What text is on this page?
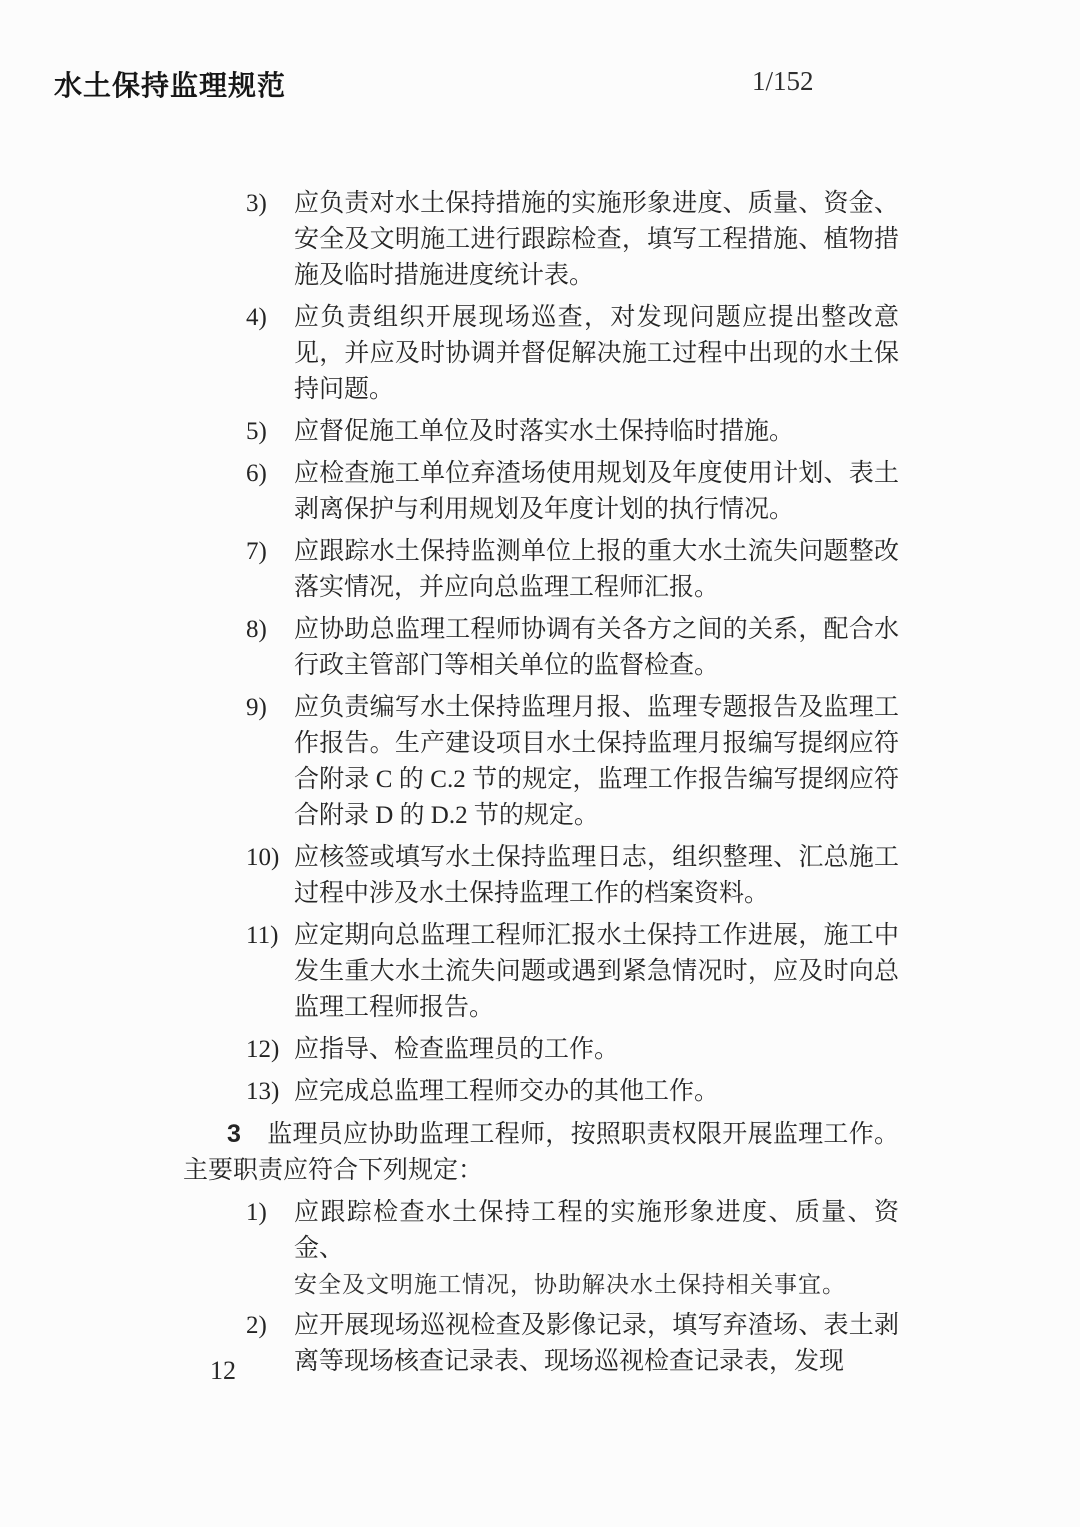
水土保持监理规范	1/152
3)	应负责对水土保持措施的实施形象进度、质量、资金、安全及文明施工进行跟踪检查，填写工程措施、植物措施及临时措施进度统计表。
4)	应负责组织开展现场巡查，对发现问题应提出整改意见，并应及时协调并督促解决施工过程中出现的水土保持问题。
5)	应督促施工单位及时落实水土保持临时措施。
6)	应检查施工单位弃渣场使用规划及年度使用计划、表土剥离保护与利用规划及年度计划的执行情况。
7)	应跟踪水土保持监测单位上报的重大水土流失问题整改落实情况，并应向总监理工程师汇报。
8)	应协助总监理工程师协调有关各方之间的关系，配合水行政主管部门等相关单位的监督检查。
9)	应负责编写水土保持监理月报、监理专题报告及监理工作报告。生产建设项目水土保持监理月报编写提纲应符合附录 C 的 C.2 节的规定，监理工作报告编写提纲应符合附录 D 的 D.2 节的规定。
10) 应核签或填写水土保持监理日志，组织整理、汇总施工过程中涉及水土保持监理工作的档案资料。
11) 应定期向总监理工程师汇报水土保持工作进展，施工中发生重大水土流失问题或遇到紧急情况时，应及时向总监理工程师报告。
12) 应指导、检查监理员的工作。
13) 应完成总监理工程师交办的其他工作。

3 监理员应协助监理工程师，按照职责权限开展监理工作。主要职责应符合下列规定：

1)	应跟踪检查水土保持工程的实施形象进度、质量、资金、
安全及文明施工情况，协助解决水土保持相关事宜。
2)	应开展现场巡视检查及影像记录，填写弃渣场、表土剥离等现场核查记录表、现场巡视检查记录表，发现
12
